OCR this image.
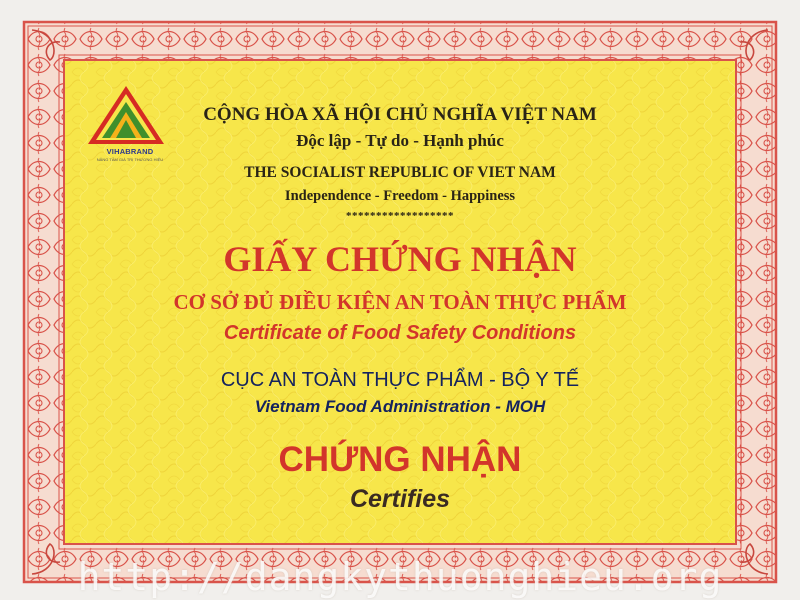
VIHABRAND
NÂNG TẦM GIÁ TRỊ THƯƠNG HIỆU
CỘNG HÒA XÃ HỘI CHỦ NGHĨA VIỆT NAM
Độc lập - Tự do - Hạnh phúc
THE SOCIALIST REPUBLIC OF VIET NAM
Independence - Freedom - Happiness
******************
GIẤY CHỨNG NHẬN
CƠ SỞ ĐỦ ĐIỀU KIỆN AN TOÀN THỰC PHẨM
Certificate of Food Safety Conditions
CỤC AN TOÀN THỰC PHẨM - BỘ Y TẾ
Vietnam Food Administration - MOH
CHỨNG NHẬN
Certifies
http://dangkythuonghieu.org
